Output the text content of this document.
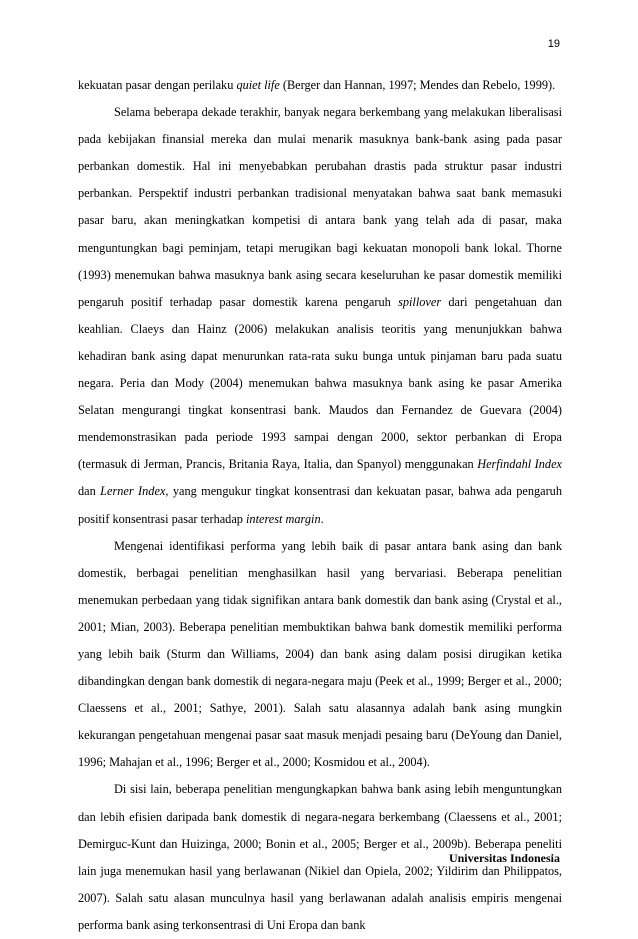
19

kekuatan pasar dengan perilaku quiet life (Berger dan Hannan, 1997; Mendes dan Rebelo, 1999).

Selama beberapa dekade terakhir, banyak negara berkembang yang melakukan liberalisasi pada kebijakan finansial mereka dan mulai menarik masuknya bank-bank asing pada pasar perbankan domestik. Hal ini menyebabkan perubahan drastis pada struktur pasar industri perbankan. Perspektif industri perbankan tradisional menyatakan bahwa saat bank memasuki pasar baru, akan meningkatkan kompetisi di antara bank yang telah ada di pasar, maka menguntungkan bagi peminjam, tetapi merugikan bagi kekuatan monopoli bank lokal. Thorne (1993) menemukan bahwa masuknya bank asing secara keseluruhan ke pasar domestik memiliki pengaruh positif terhadap pasar domestik karena pengaruh spillover dari pengetahuan dan keahlian. Claeys dan Hainz (2006) melakukan analisis teoritis yang menunjukkan bahwa kehadiran bank asing dapat menurunkan rata-rata suku bunga untuk pinjaman baru pada suatu negara. Peria dan Mody (2004) menemukan bahwa masuknya bank asing ke pasar Amerika Selatan mengurangi tingkat konsentrasi bank. Maudos dan Fernandez de Guevara (2004) mendemonstrasikan pada periode 1993 sampai dengan 2000, sektor perbankan di Eropa (termasuk di Jerman, Prancis, Britania Raya, Italia, dan Spanyol) menggunakan Herfindahl Index dan Lerner Index, yang mengukur tingkat konsentrasi dan kekuatan pasar, bahwa ada pengaruh positif konsentrasi pasar terhadap interest margin.

Mengenai identifikasi performa yang lebih baik di pasar antara bank asing dan bank domestik, berbagai penelitian menghasilkan hasil yang bervariasi. Beberapa penelitian menemukan perbedaan yang tidak signifikan antara bank domestik dan bank asing (Crystal et al., 2001; Mian, 2003). Beberapa penelitian membuktikan bahwa bank domestik memiliki performa yang lebih baik (Sturm dan Williams, 2004) dan bank asing dalam posisi dirugikan ketika dibandingkan dengan bank domestik di negara-negara maju (Peek et al., 1999; Berger et al., 2000; Claessens et al., 2001; Sathye, 2001). Salah satu alasannya adalah bank asing mungkin kekurangan pengetahuan mengenai pasar saat masuk menjadi pesaing baru (DeYoung dan Daniel, 1996; Mahajan et al., 1996; Berger et al., 2000; Kosmidou et al., 2004).

Di sisi lain, beberapa penelitian mengungkapkan bahwa bank asing lebih menguntungkan dan lebih efisien daripada bank domestik di negara-negara berkembang (Claessens et al., 2001; Demirguc-Kunt dan Huizinga, 2000; Bonin et al., 2005; Berger et al., 2009b). Beberapa peneliti lain juga menemukan hasil yang berlawanan (Nikiel dan Opiela, 2002; Yildirim dan Philippatos, 2007). Salah satu alasan munculnya hasil yang berlawanan adalah analisis empiris mengenai performa bank asing terkonsentrasi di Uni Eropa dan bank

Universitas Indonesia
